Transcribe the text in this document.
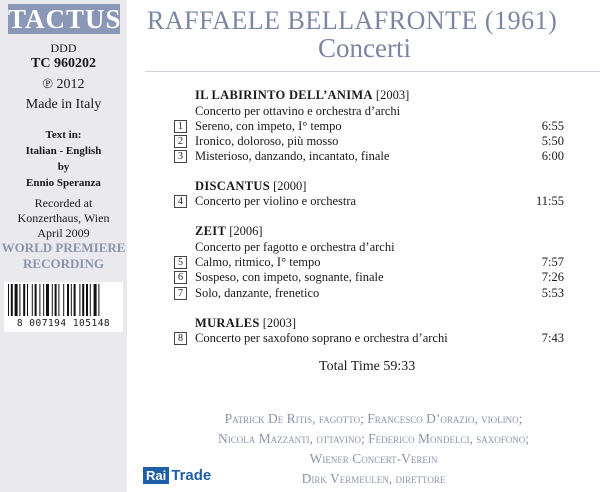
TACTUS
DDD
TC 960202
℗ 2012
Made in Italy
Text in:
Italian - English
by
Ennio Speranza
Recorded at
Konzerthaus, Wien
April 2009
WORLD PREMIERE
RECORDING
8 007194 105148
RAFFAELE BELLAFRONTE (1961)
Concerti
IL LABIRINTO DELL’ANIMA [2003]
Concerto per ottavino e orchestra d’archi
1 Sereno, con impeto, I° tempo	6:55
2 Ironico, doloroso, più mosso	5:50
3 Misterioso, danzando, incantato, finale	6:00
DISCANTUS [2000]
4 Concerto per violino e orchestra	11:55
ZEIT [2006]
Concerto per fagotto e orchestra d’archi
5 Calmo, ritmico, I° tempo	7:57
6 Sospeso, con impeto, sognante, finale	7:26
7 Solo, danzante, frenetico	5:53
MURALES [2003]
8 Concerto per saxofono soprano e orchestra d’archi	7:43
Total Time 59:33
Patrick De Ritis, fagotto; Francesco D’orazio, violino;
Nicola Mazzanti, ottavino; Federico Mondelci, saxofono;
Wiener Concert-Verein
Dirk Vermeulen, direttore
Rai Trade
